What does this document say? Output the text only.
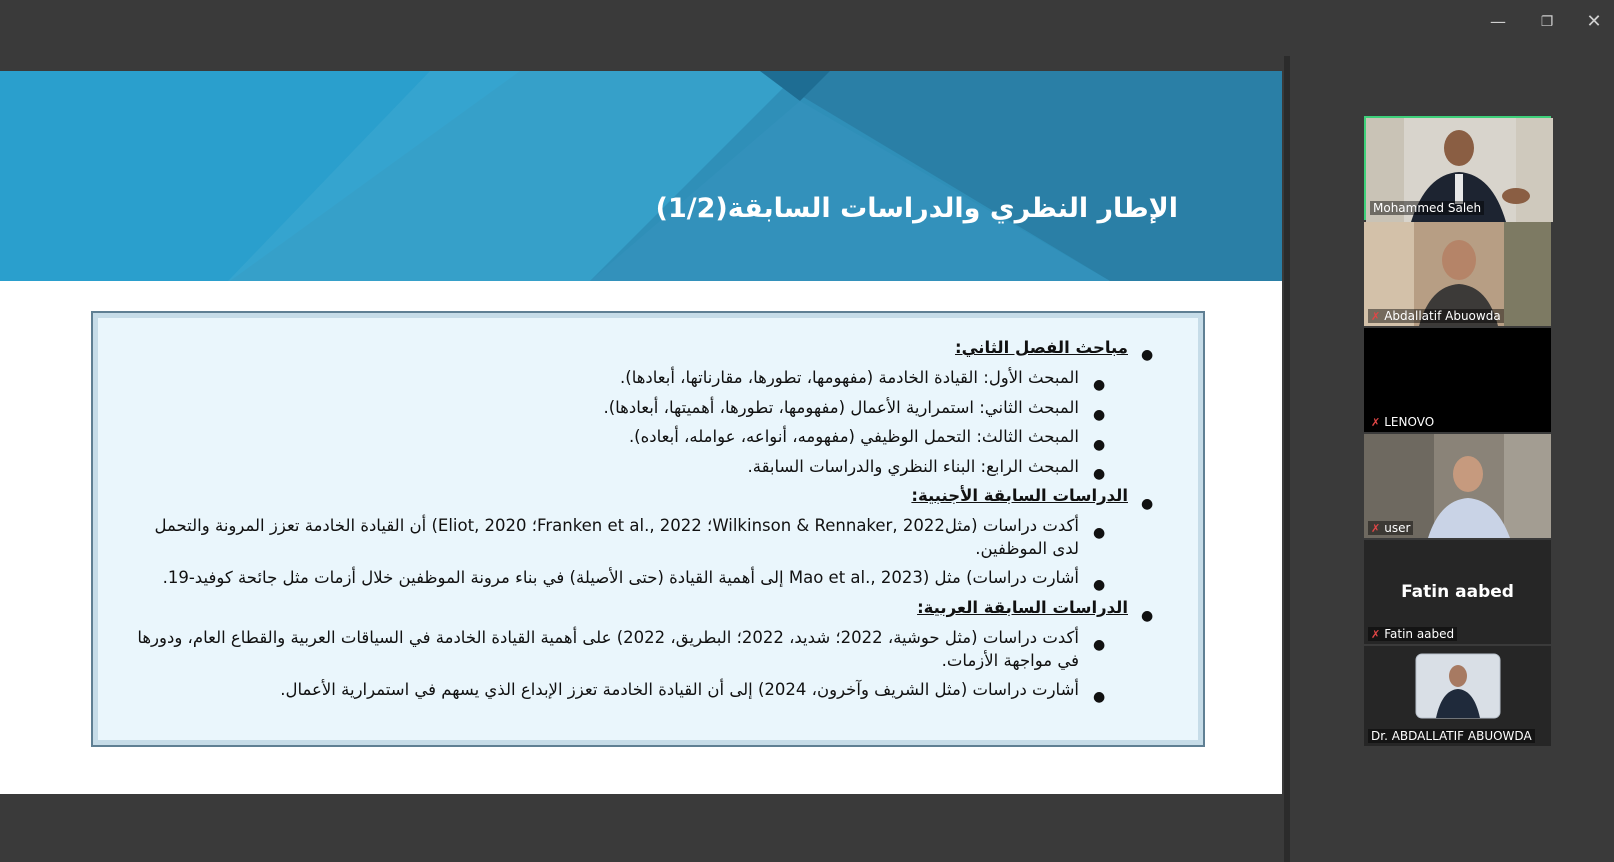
—	❐	✕
الإطار النظري والدراسات السابقة(1/2)
●
مباحث الفصل الثاني:
●
المبحث الأول: القيادة الخادمة (مفهومها، تطورها، مقارناتها، أبعادها).
●
المبحث الثاني: استمرارية الأعمال (مفهومها، تطورها، أهميتها، أبعادها).
●
المبحث الثالث: التحمل الوظيفي (مفهومه، أنواعه، عوامله، أبعاده).
●
المبحث الرابع: البناء النظري والدراسات السابقة.
●
الدراسات السابقة الأجنبية:
●
أكدت دراسات (مثلWilkinson & Rennaker, 2022؛ Franken et al., 2022؛ Eliot, 2020) أن القيادة الخادمة تعزز المرونة والتحمل
لدى الموظفين.
●
أشارت دراسات) مثل (Mao et al., 2023 إلى أهمية القيادة (حتى الأصيلة) في بناء مرونة الموظفين خلال أزمات مثل جائحة كوفيد-19.
●
الدراسات السابقة العربية:
●
أكدت دراسات (مثل حوشية، 2022؛ شديد، 2022؛ البطريق، 2022) على أهمية القيادة الخادمة في السياقات العربية والقطاع العام، ودورها
في مواجهة الأزمات.
●
أشارت دراسات (مثل الشريف وآخرون، 2024) إلى أن القيادة الخادمة تعزز الإبداع الذي يسهم في استمرارية الأعمال.
Mohammed Saleh
✗ Abdallatif Abuowda
✗ LENOVO
✗ user
Fatin aabed
✗ Fatin aabed
Dr. ABDALLATIF ABUOWDA
